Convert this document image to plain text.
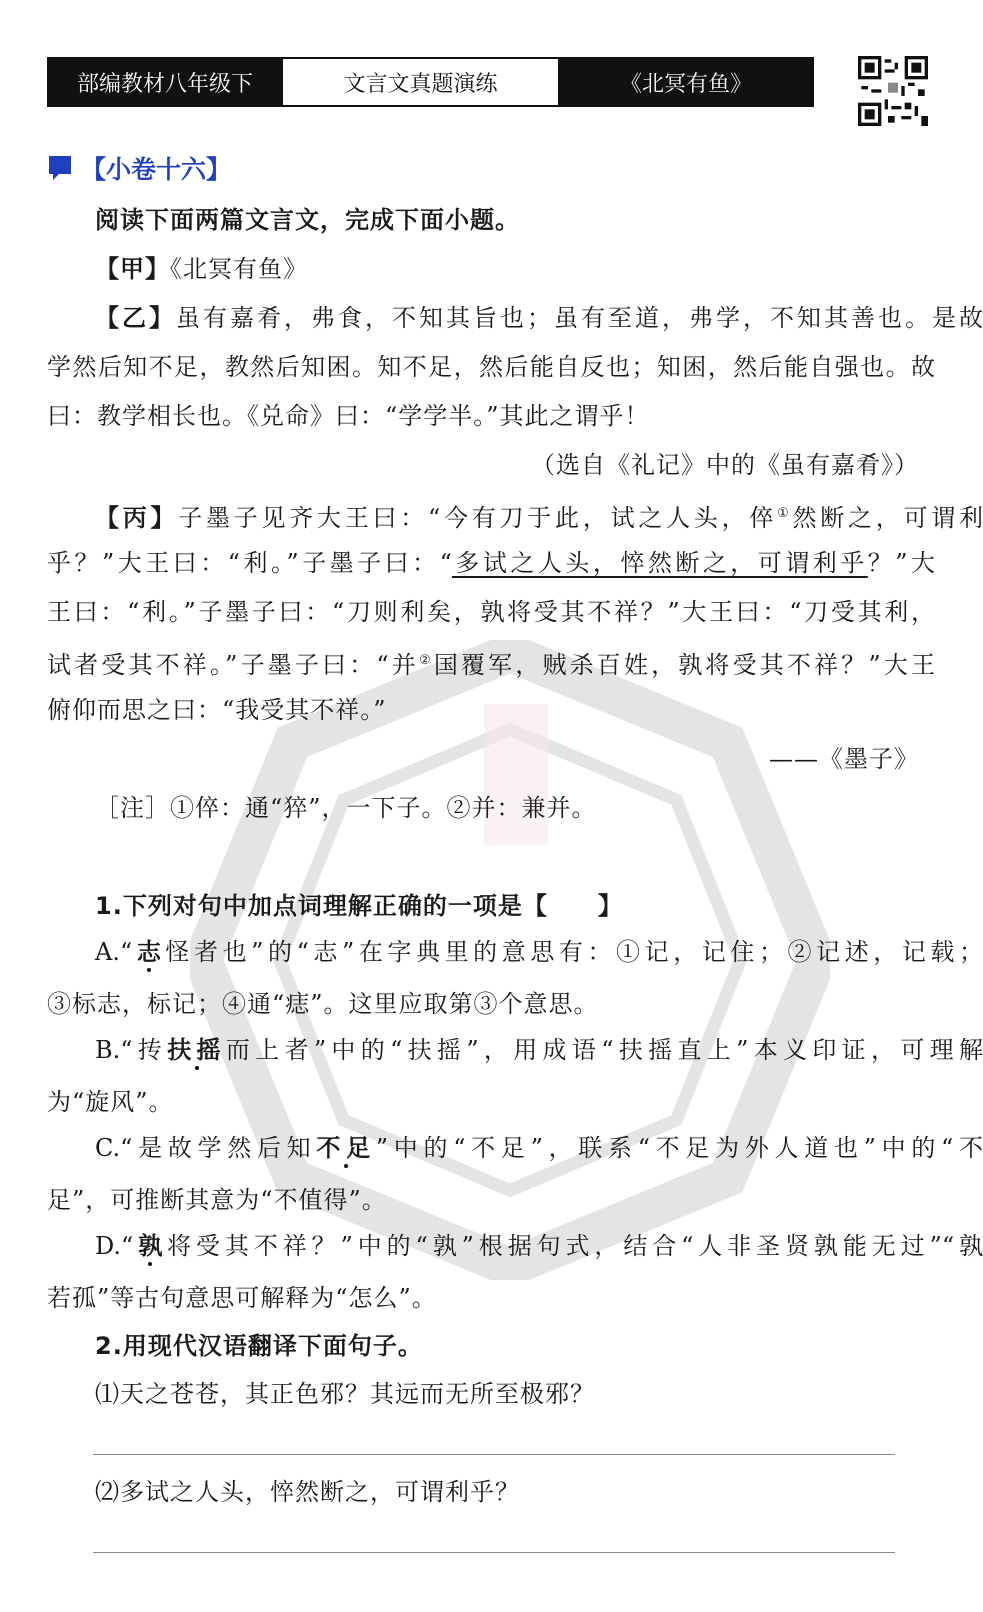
部编教材八年级下	文言文真题演练	《北冥有鱼》
【小卷十六】
阅读下面两篇文言文，完成下面小题。
【甲】《北冥有鱼》
【乙】虽有嘉肴，弗食，不知其旨也；虽有至道，弗学，不知其善也。是故
学然后知不足，教然后知困。知不足，然后能自反也；知困，然后能自强也。故
曰：教学相长也。《兑命》曰：“学学半。”其此之谓乎！
（选自《礼记》中的《虽有嘉肴》）
【丙】子墨子见齐大王曰：“今有刀于此，试之人头，倅①然断之，可谓利
乎？”大王曰：“利。”子墨子曰：“多试之人头，悴然断之，可谓利乎？”大
王曰：“利。”子墨子曰：“刀则利矣，孰将受其不祥？”大王曰：“刀受其利，
试者受其不祥。”子墨子曰：“并②国覆军，贼杀百姓，孰将受其不祥？”大王
俯仰而思之曰：“我受其不祥。”
——《墨子》
［注］①倅：通“猝”，一下子。②并：兼并。
1.下列对句中加点词理解正确的一项是【　　】
A.“志怪者也”的“志”在字典里的意思有：①记，记住；②记述，记载；
③标志，标记；④通“痣”。这里应取第③个意思。
B.“抟扶摇而上者”中的“扶摇”，用成语“扶摇直上”本义印证，可理解
为“旋风”。
C.“是故学然后知不足”中的“不足”，联系“不足为外人道也”中的“不
足”，可推断其意为“不值得”。
D.“孰将受其不祥？”中的“孰”根据句式，结合“人非圣贤孰能无过”“孰
若孤”等古句意思可解释为“怎么”。
2.用现代汉语翻译下面句子。
⑴天之苍苍，其正色邪？其远而无所至极邪？
⑵多试之人头，悴然断之，可谓利乎？
